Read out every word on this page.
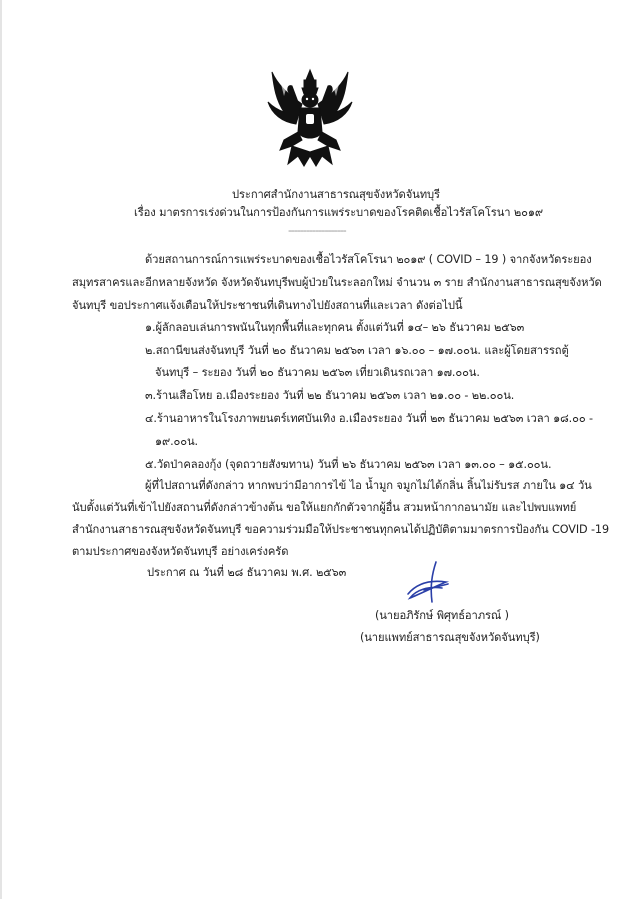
ประกาศสำนักงานสาธารณสุขจังหวัดจันทบุรี
เรื่อง มาตรการเร่งด่วนในการป้องกันการแพร่ระบาดของโรคติดเชื้อไวรัสโคโรนา ๒๐๑๙
-------------------
ด้วยสถานการณ์การแพร่ระบาดของเชื้อไวรัสโคโรนา ๒๐๑๙ ( COVID – 19 ) จากจังหวัดระยอง
สมุทรสาครและอีกหลายจังหวัด จังหวัดจันทบุรีพบผู้ป่วยในระลอกใหม่ จำนวน ๓ ราย สำนักงานสาธารณสุขจังหวัด
จันทบุรี ขอประกาศแจ้งเตือนให้ประชาชนที่เดินทางไปยังสถานที่และเวลา ดังต่อไปนี้
๑.ผู้ลักลอบเล่นการพนันในทุกพื้นที่และทุกคน ตั้งแต่วันที่ ๑๔– ๒๖ ธันวาคม ๒๕๖๓
๒.สถานีขนส่งจันทบุรี วันที่ ๒๐ ธันวาคม ๒๕๖๓ เวลา ๑๖.๐๐ – ๑๗.๐๐น. และผู้โดยสารรถตู้
จันทบุรี – ระยอง วันที่ ๒๐ ธันวาคม ๒๕๖๓ เที่ยวเดินรถเวลา ๑๗.๐๐น.
๓.ร้านเสือโหย อ.เมืองระยอง วันที่ ๒๒ ธันวาคม ๒๕๖๓ เวลา ๒๑.๐๐ - ๒๒.๐๐น.
๔.ร้านอาหารในโรงภาพยนตร์เทศบันเทิง อ.เมืองระยอง วันที่ ๒๓ ธันวาคม ๒๕๖๓ เวลา ๑๘.๐๐ -
๑๙.๐๐น.
๕.วัดป่าคลองกุ้ง (จุดถวายสังฆทาน) วันที่ ๒๖ ธันวาคม ๒๕๖๓ เวลา ๑๓.๐๐ – ๑๕.๐๐น.
ผู้ที่ไปสถานที่ดังกล่าว หากพบว่ามีอาการไข้ ไอ น้ำมูก จมูกไม่ได้กลิ่น ลิ้นไม่รับรส ภายใน ๑๔ วัน
นับตั้งแต่วันที่เข้าไปยังสถานที่ดังกล่าวข้างต้น ขอให้แยกกักตัวจากผู้อื่น สวมหน้ากากอนามัย และไปพบแพทย์
สำนักงานสาธารณสุขจังหวัดจันทบุรี ขอความร่วมมือให้ประชาชนทุกคนได้ปฏิบัติตามมาตรการป้องกัน COVID -19
ตามประกาศของจังหวัดจันทบุรี อย่างเคร่งครัด
ประกาศ ณ วันที่ ๒๘ ธันวาคม พ.ศ. ๒๕๖๓
(นายอภิรักษ์ พิศุทธ์อาภรณ์ )
(นายแพทย์สาธารณสุขจังหวัดจันทบุรี)
